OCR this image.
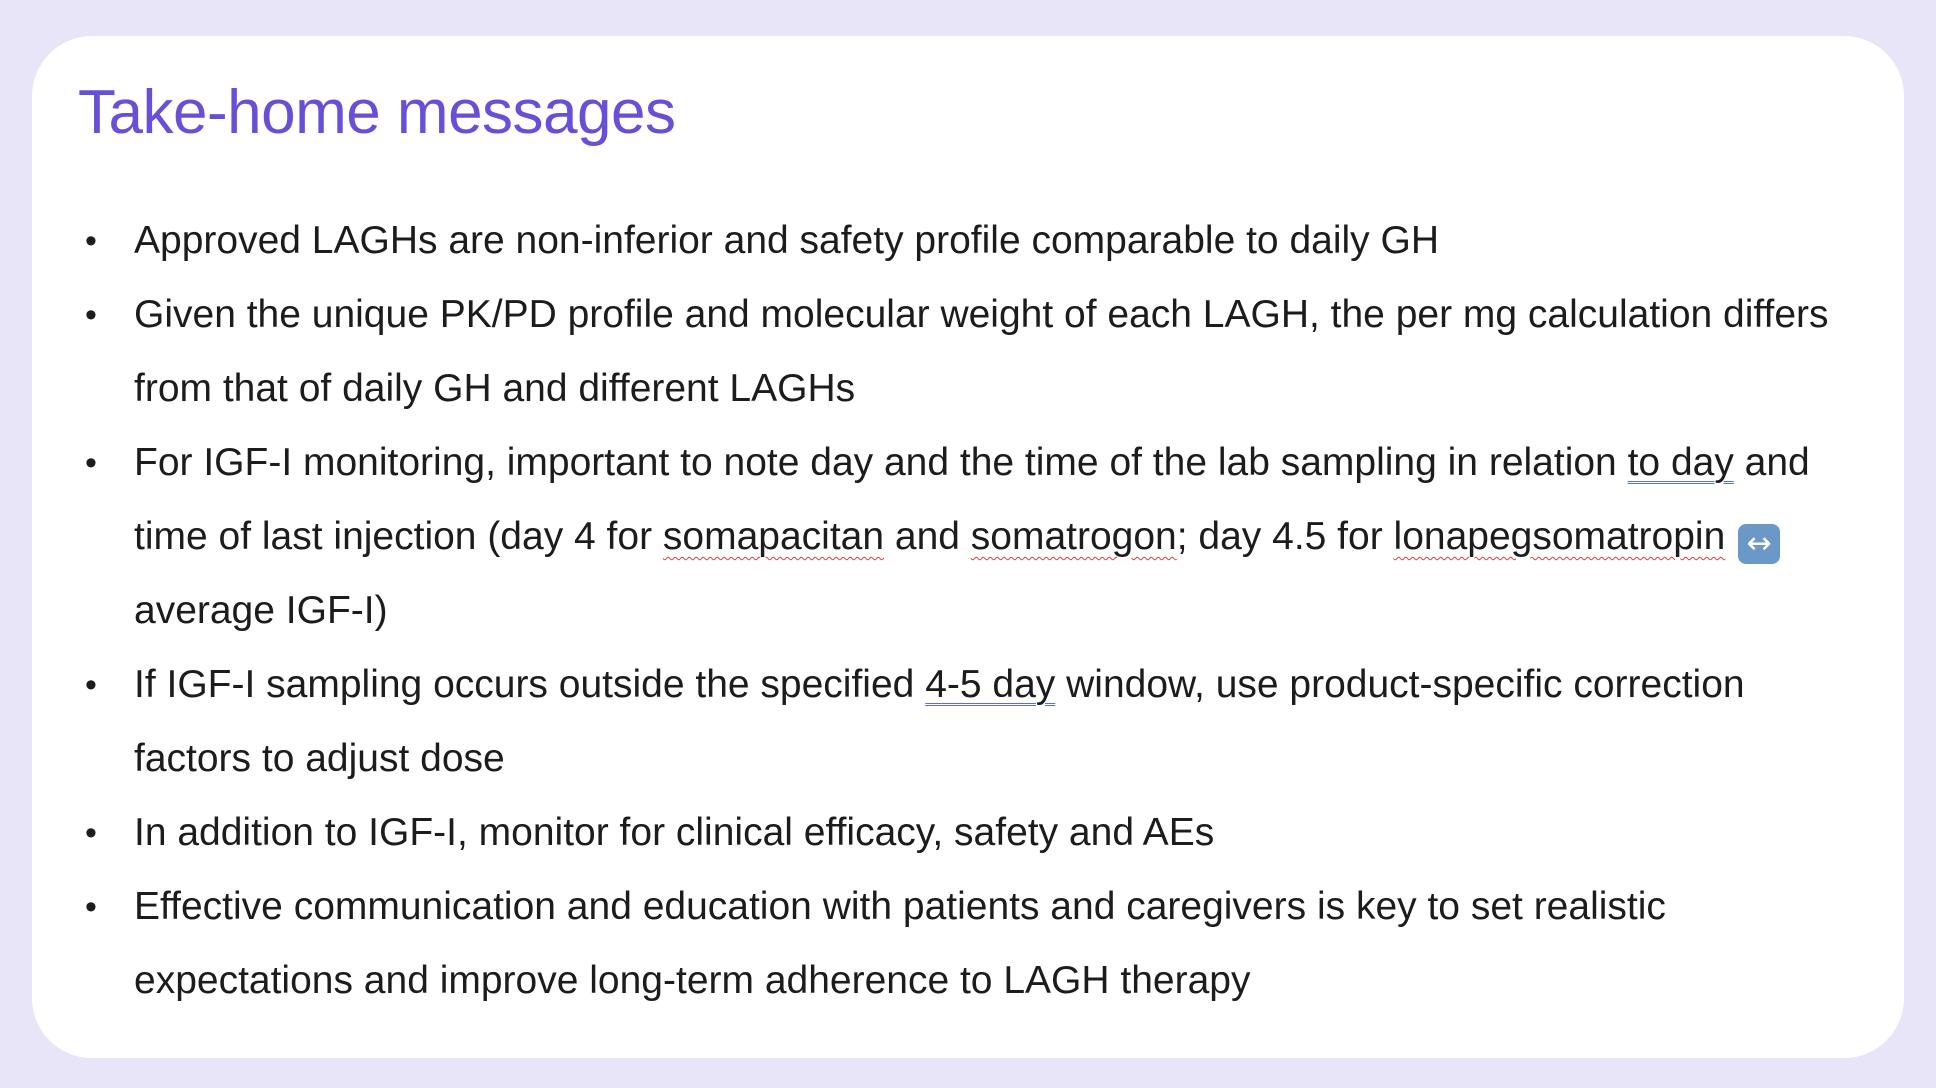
Take-home messages
• Approved LAGHs are non-inferior and safety profile comparable to daily GH
• Given the unique PK/PD profile and molecular weight of each LAGH, the per mg calculation differs from that of daily GH and different LAGHs
• For IGF-I monitoring, important to note day and the time of the lab sampling in relation to day and time of last injection (day 4 for somapacitan and somatrogon; day 4.5 for lonapegsomatropin ↔ average IGF-I)
• If IGF-I sampling occurs outside the specified 4-5 day window, use product-specific correction factors to adjust dose
• In addition to IGF-I, monitor for clinical efficacy, safety and AEs
• Effective communication and education with patients and caregivers is key to set realistic expectations and improve long-term adherence to LAGH therapy
